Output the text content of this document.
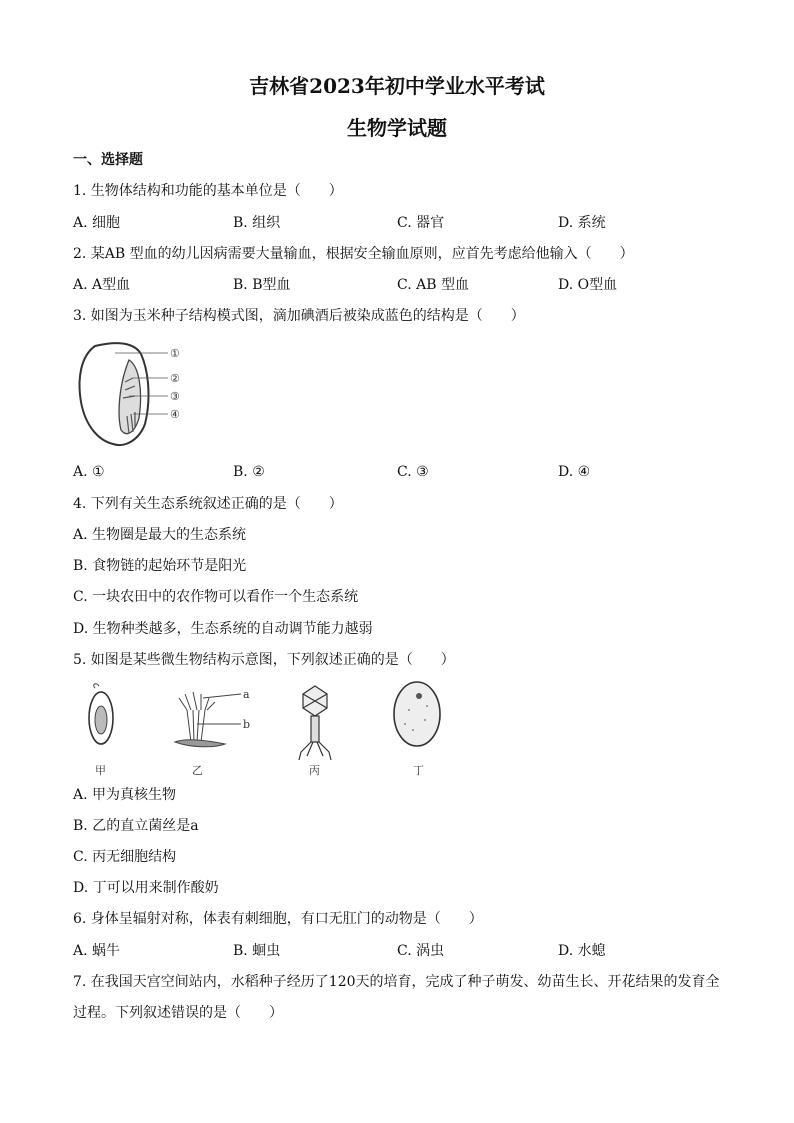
吉林省2023年初中学业水平考试
生物学试题
一、选择题
1. 生物体结构和功能的基本单位是（　　）
A. 细胞	B. 组织	C. 器官	D. 系统
2. 某AB 型血的幼儿因病需要大量输血，根据安全输血原则，应首先考虑给他输入（　　）
A. A型血	B. B型血	C. AB 型血	D. O型血
3. 如图为玉米种子结构模式图，滴加碘酒后被染成蓝色的结构是（　　）
①
②
③
④
A. ①	B. ②	C. ③	D. ④
4. 下列有关生态系统叙述正确的是（　　）
A. 生物圈是最大的生态系统
B. 食物链的起始环节是阳光
C. 一块农田中的农作物可以看作一个生态系统
D. 生物种类越多，生态系统的自动调节能力越弱
5. 如图是某些微生物结构示意图，下列叙述正确的是（　　）
甲
a
b
乙	丙	丁
A. 甲为真核生物
B. 乙的直立菌丝是a
C. 丙无细胞结构
D. 丁可以用来制作酸奶
6. 身体呈辐射对称，体表有刺细胞，有口无肛门的动物是（　　）
A. 蜗牛	B. 蛔虫	C. 涡虫	D. 水螅
7. 在我国天宫空间站内，水稻种子经历了120天的培育，完成了种子萌发、幼苗生长、开花结果的发育全
过程。下列叙述错误的是（　　）
